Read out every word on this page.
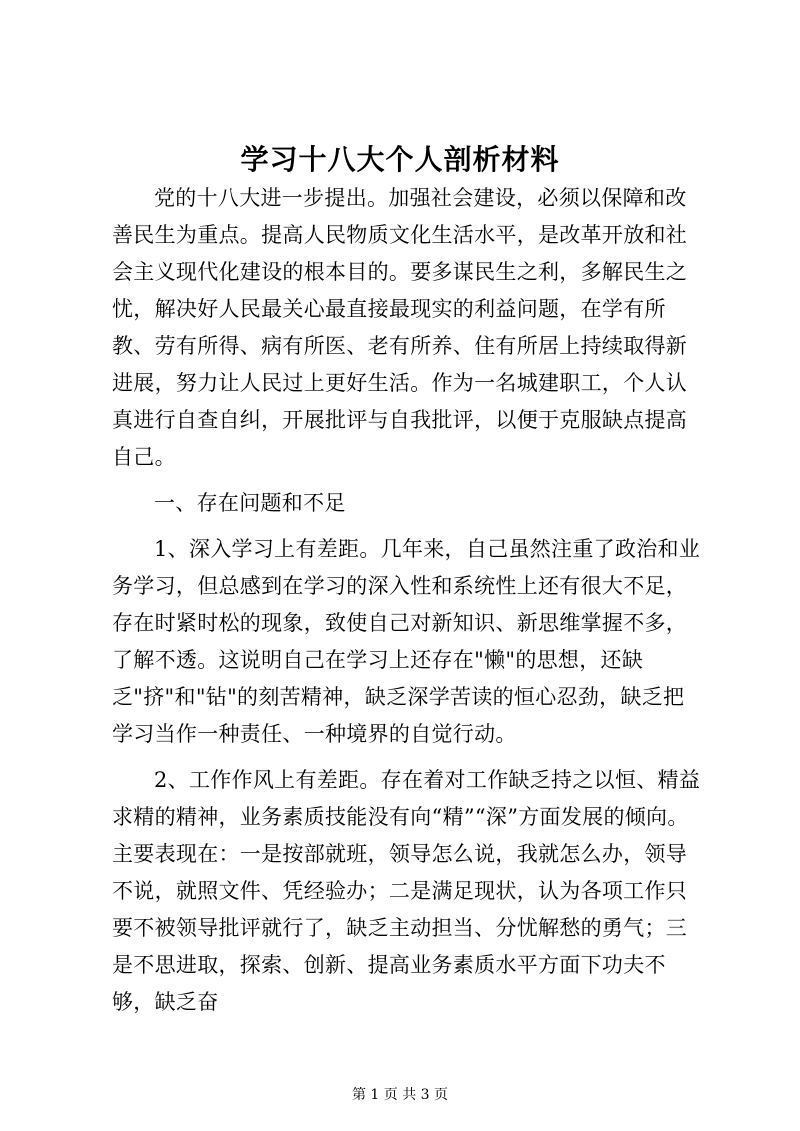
学习十八大个人剖析材料

党的十八大进一步提出。加强社会建设，必须以保障和改善民生为重点。提高人民物质文化生活水平，是改革开放和社会主义现代化建设的根本目的。要多谋民生之利，多解民生之忧，解决好人民最关心最直接最现实的利益问题，在学有所教、劳有所得、病有所医、老有所养、住有所居上持续取得新进展，努力让人民过上更好生活。作为一名城建职工，个人认真进行自查自纠，开展批评与自我批评，以便于克服缺点提高自己。

一、存在问题和不足

1、深入学习上有差距。几年来，自己虽然注重了政治和业务学习，但总感到在学习的深入性和系统性上还有很大不足，存在时紧时松的现象，致使自己对新知识、新思维掌握不多，了解不透。这说明自己在学习上还存在"懒"的思想，还缺乏"挤"和"钻"的刻苦精神，缺乏深学苦读的恒心忍劲，缺乏把学习当作一种责任、一种境界的自觉行动。

2、工作作风上有差距。存在着对工作缺乏持之以恒、精益求精的精神，业务素质技能没有向“精”“深”方面发展的倾向。主要表现在：一是按部就班，领导怎么说，我就怎么办，领导不说，就照文件、凭经验办；二是满足现状，认为各项工作只要不被领导批评就行了，缺乏主动担当、分忧解愁的勇气；三是不思进取，探索、创新、提高业务素质水平方面下功夫不够，缺乏奋

第 1 页 共 3 页
